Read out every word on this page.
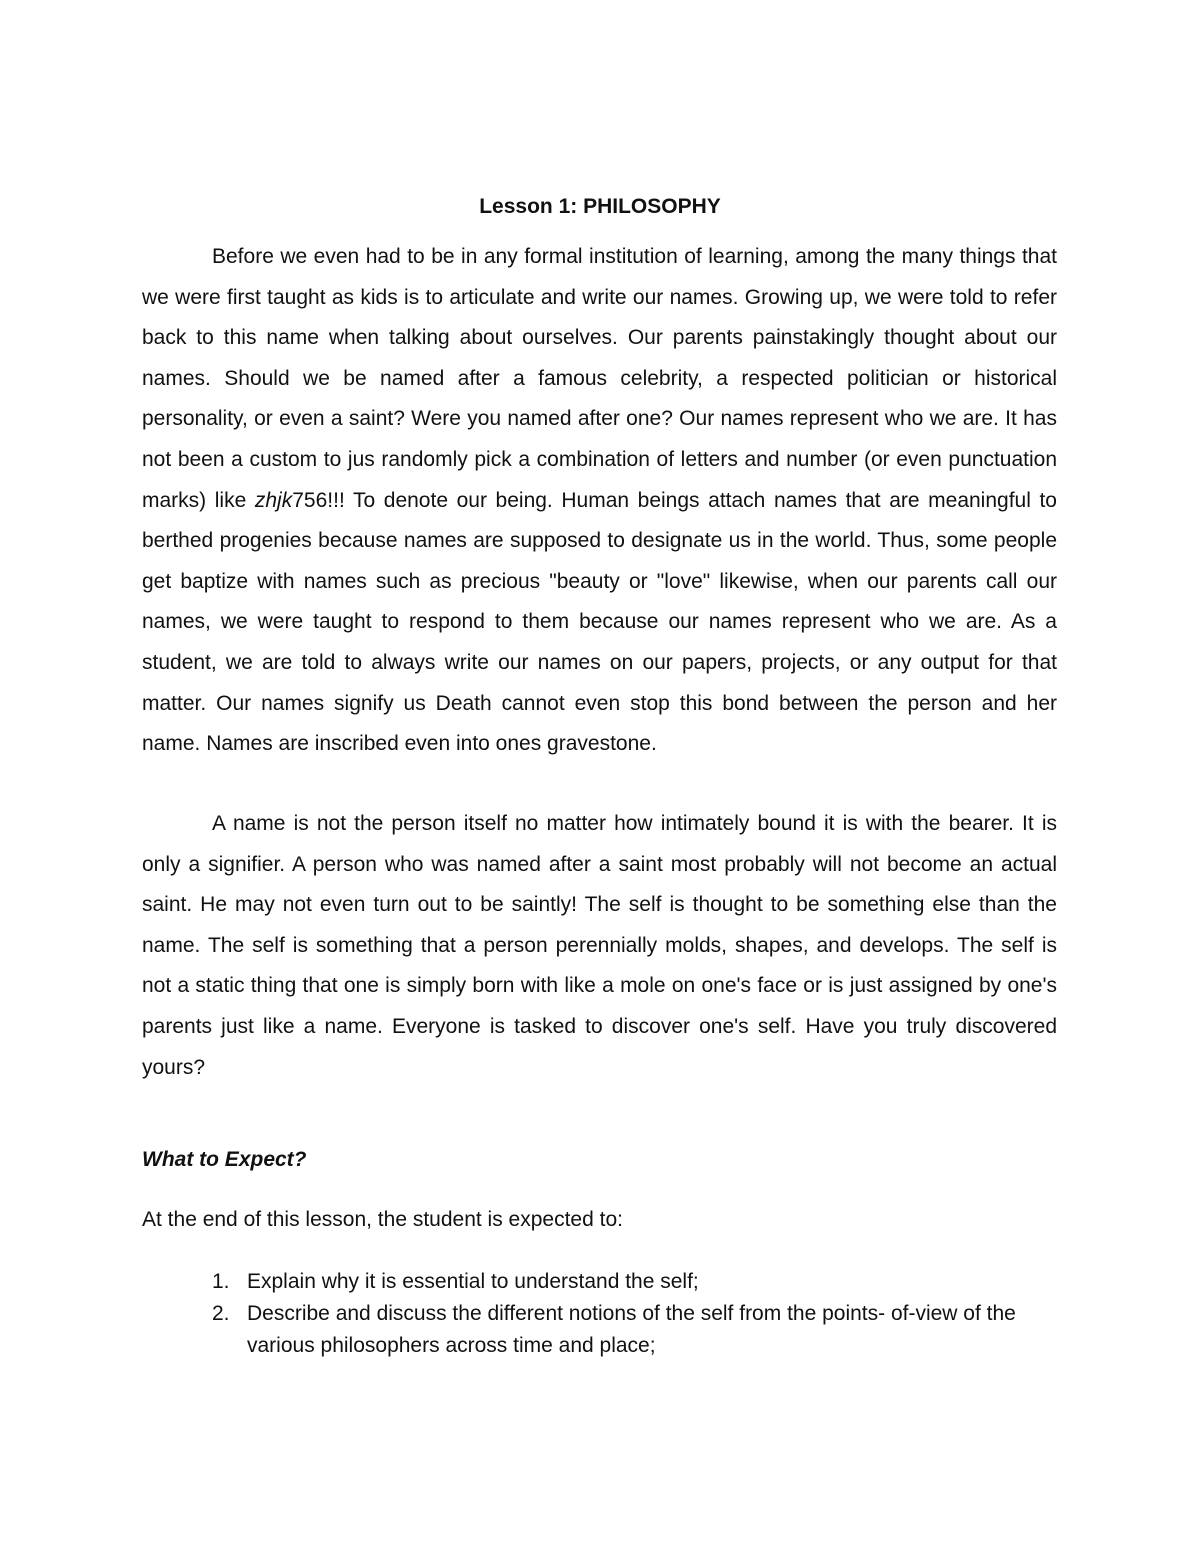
Lesson 1: PHILOSOPHY

Before we even had to be in any formal institution of learning, among the many things that we were first taught as kids is to articulate and write our names. Growing up, we were told to refer back to this name when talking about ourselves. Our parents painstakingly thought about our names. Should we be named after a famous celebrity, a respected politician or historical personality, or even a saint? Were you named after one? Our names represent who we are. It has not been a custom to jus randomly pick a combination of letters and number (or even punctuation marks) like zhjk756!!! To denote our being. Human beings attach names that are meaningful to berthed progenies because names are supposed to designate us in the world. Thus, some people get baptize with names such as precious "beauty or "love" likewise, when our parents call our names, we were taught to respond to them because our names represent who we are. As a student, we are told to always write our names on our papers, projects, or any output for that matter. Our names signify us Death cannot even stop this bond between the person and her name. Names are inscribed even into ones gravestone.

A name is not the person itself no matter how intimately bound it is with the bearer. It is only a signifier. A person who was named after a saint most probably will not become an actual saint. He may not even turn out to be saintly! The self is thought to be something else than the name. The self is something that a person perennially molds, shapes, and develops. The self is not a static thing that one is simply born with like a mole on one's face or is just assigned by one's parents just like a name. Everyone is tasked to discover one's self. Have you truly discovered yours?

What to Expect?
At the end of this lesson, the student is expected to:
1. Explain why it is essential to understand the self;
2. Describe and discuss the different notions of the self from the points- of-view of the various philosophers across time and place;
